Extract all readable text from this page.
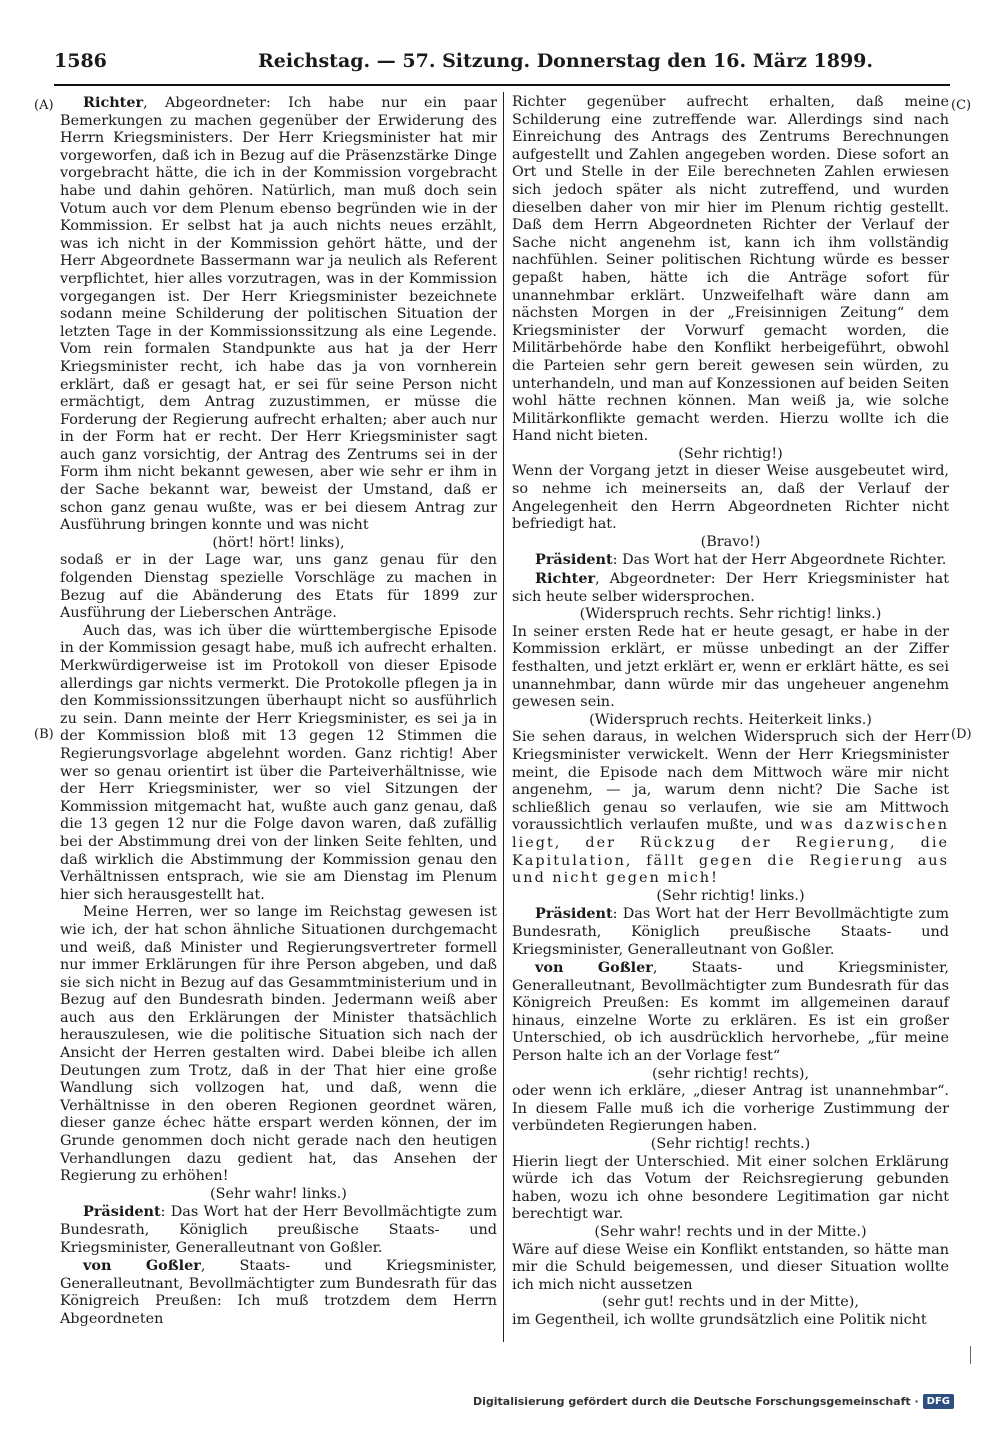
1586	Reichstag. — 57. Sitzung. Donnerstag den 16. März 1899.
(A)
(B)
(C)
(D)

Richter, Abgeordneter: Ich habe nur ein paar Bemerkungen zu machen gegenüber der Erwiderung des Herrn Kriegsministers. Der Herr Kriegsminister hat mir vorgeworfen, daß ich in Bezug auf die Präsenzstärke Dinge vorgebracht hätte, die ich in der Kommission vorgebracht habe und dahin gehören. Natürlich, man muß doch sein Votum auch vor dem Plenum ebenso begründen wie in der Kommission. Er selbst hat ja auch nichts neues erzählt, was ich nicht in der Kommission gehört hätte, und der Herr Abgeordnete Bassermann war ja neulich als Referent verpflichtet, hier alles vorzutragen, was in der Kommission vorgegangen ist. Der Herr Kriegsminister bezeichnete sodann meine Schilderung der politischen Situation der letzten Tage in der Kommissionssitzung als eine Legende. Vom rein formalen Standpunkte aus hat ja der Herr Kriegsminister recht, ich habe das ja von vornherein erklärt, daß er gesagt hat, er sei für seine Person nicht ermächtigt, dem Antrag zuzustimmen, er müsse die Forderung der Regierung aufrecht erhalten; aber auch nur in der Form hat er recht. Der Herr Kriegsminister sagt auch ganz vorsichtig, der Antrag des Zentrums sei in der Form ihm nicht bekannt gewesen, aber wie sehr er ihm in der Sache bekannt war, beweist der Umstand, daß er schon ganz genau wußte, was er bei diesem Antrag zur Ausführung bringen konnte und was nicht

(hört! hört! links),

sodaß er in der Lage war, uns ganz genau für den folgenden Dienstag spezielle Vorschläge zu machen in Bezug auf die Abänderung des Etats für 1899 zur Ausführung der Lieberschen Anträge.

Auch das, was ich über die württembergische Episode in der Kommission gesagt habe, muß ich aufrecht erhalten. Merkwürdigerweise ist im Protokoll von dieser Episode allerdings gar nichts vermerkt. Die Protokolle pflegen ja in den Kommissionssitzungen überhaupt nicht so ausführlich zu sein. Dann meinte der Herr Kriegsminister, es sei ja in der Kommission bloß mit 13 gegen 12 Stimmen die Regierungsvorlage abgelehnt worden. Ganz richtig! Aber wer so genau orientirt ist über die Parteiverhältnisse, wie der Herr Kriegsminister, wer so viel Sitzungen der Kommission mitgemacht hat, wußte auch ganz genau, daß die 13 gegen 12 nur die Folge davon waren, daß zufällig bei der Abstimmung drei von der linken Seite fehlten, und daß wirklich die Abstimmung der Kommission genau den Verhältnissen entsprach, wie sie am Dienstag im Plenum hier sich herausgestellt hat.

Meine Herren, wer so lange im Reichstag gewesen ist wie ich, der hat schon ähnliche Situationen durchgemacht und weiß, daß Minister und Regierungsvertreter formell nur immer Erklärungen für ihre Person abgeben, und daß sie sich nicht in Bezug auf das Gesammtministerium und in Bezug auf den Bundesrath binden. Jedermann weiß aber auch aus den Erklärungen der Minister thatsächlich herauszulesen, wie die politische Situation sich nach der Ansicht der Herren gestalten wird. Dabei bleibe ich allen Deutungen zum Trotz, daß in der That hier eine große Wandlung sich vollzogen hat, und daß, wenn die Verhältnisse in den oberen Regionen geordnet wären, dieser ganze échec hätte erspart werden können, der im Grunde genommen doch nicht gerade nach den heutigen Verhandlungen dazu gedient hat, das Ansehen der Regierung zu erhöhen!

(Sehr wahr! links.)

Präsident: Das Wort hat der Herr Bevollmächtigte zum Bundesrath, Königlich preußische Staats- und Kriegsminister, Generalleutnant von Goßler.

von Goßler, Staats- und Kriegsminister, Generalleutnant, Bevollmächtigter zum Bundesrath für das Königreich Preußen: Ich muß trotzdem dem Herrn Abgeordneten

Richter gegenüber aufrecht erhalten, daß meine Schilderung eine zutreffende war. Allerdings sind nach Einreichung des Antrags des Zentrums Berechnungen aufgestellt und Zahlen angegeben worden. Diese sofort an Ort und Stelle in der Eile berechneten Zahlen erwiesen sich jedoch später als nicht zutreffend, und wurden dieselben daher von mir hier im Plenum richtig gestellt. Daß dem Herrn Abgeordneten Richter der Verlauf der Sache nicht angenehm ist, kann ich ihm vollständig nachfühlen. Seiner politischen Richtung würde es besser gepaßt haben, hätte ich die Anträge sofort für unannehmbar erklärt. Unzweifelhaft wäre dann am nächsten Morgen in der „Freisinnigen Zeitung“ dem Kriegsminister der Vorwurf gemacht worden, die Militärbehörde habe den Konflikt herbeigeführt, obwohl die Parteien sehr gern bereit gewesen sein würden, zu unterhandeln, und man auf Konzessionen auf beiden Seiten wohl hätte rechnen können. Man weiß ja, wie solche Militärkonflikte gemacht werden. Hierzu wollte ich die Hand nicht bieten.

(Sehr richtig!)

Wenn der Vorgang jetzt in dieser Weise ausgebeutet wird, so nehme ich meinerseits an, daß der Verlauf der Angelegenheit den Herrn Abgeordneten Richter nicht befriedigt hat.

(Bravo!)

Präsident: Das Wort hat der Herr Abgeordnete Richter.

Richter, Abgeordneter: Der Herr Kriegsminister hat sich heute selber widersprochen.

(Widerspruch rechts. Sehr richtig! links.)

In seiner ersten Rede hat er heute gesagt, er habe in der Kommission erklärt, er müsse unbedingt an der Ziffer festhalten, und jetzt erklärt er, wenn er erklärt hätte, es sei unannehmbar, dann würde mir das ungeheuer angenehm gewesen sein.

(Widerspruch rechts. Heiterkeit links.)

Sie sehen daraus, in welchen Widerspruch sich der Herr Kriegsminister verwickelt. Wenn der Herr Kriegsminister meint, die Episode nach dem Mittwoch wäre mir nicht angenehm, — ja, warum denn nicht? Die Sache ist schließlich genau so verlaufen, wie sie am Mittwoch voraussichtlich verlaufen mußte, und was dazwischen liegt, der Rückzug der Regierung, die Kapitulation, fällt gegen die Regierung aus und nicht gegen mich!

(Sehr richtig! links.)

Präsident: Das Wort hat der Herr Bevollmächtigte zum Bundesrath, Königlich preußische Staats- und Kriegsminister, Generalleutnant von Goßler.

von Goßler, Staats- und Kriegsminister, Generalleutnant, Bevollmächtigter zum Bundesrath für das Königreich Preußen: Es kommt im allgemeinen darauf hinaus, einzelne Worte zu erklären. Es ist ein großer Unterschied, ob ich ausdrücklich hervorhebe, „für meine Person halte ich an der Vorlage fest“

(sehr richtig! rechts),

oder wenn ich erkläre, „dieser Antrag ist unannehmbar“. In diesem Falle muß ich die vorherige Zustimmung der verbündeten Regierungen haben.

(Sehr richtig! rechts.)

Hierin liegt der Unterschied. Mit einer solchen Erklärung würde ich das Votum der Reichsregierung gebunden haben, wozu ich ohne besondere Legitimation gar nicht berechtigt war.

(Sehr wahr! rechts und in der Mitte.)

Wäre auf diese Weise ein Konflikt entstanden, so hätte man mir die Schuld beigemessen, und dieser Situation wollte ich mich nicht aussetzen

(sehr gut! rechts und in der Mitte),

im Gegentheil, ich wollte grundsätzlich eine Politik nicht

Digitalisierung gefördert durch die Deutsche Forschungsgemeinschaft · DFG
